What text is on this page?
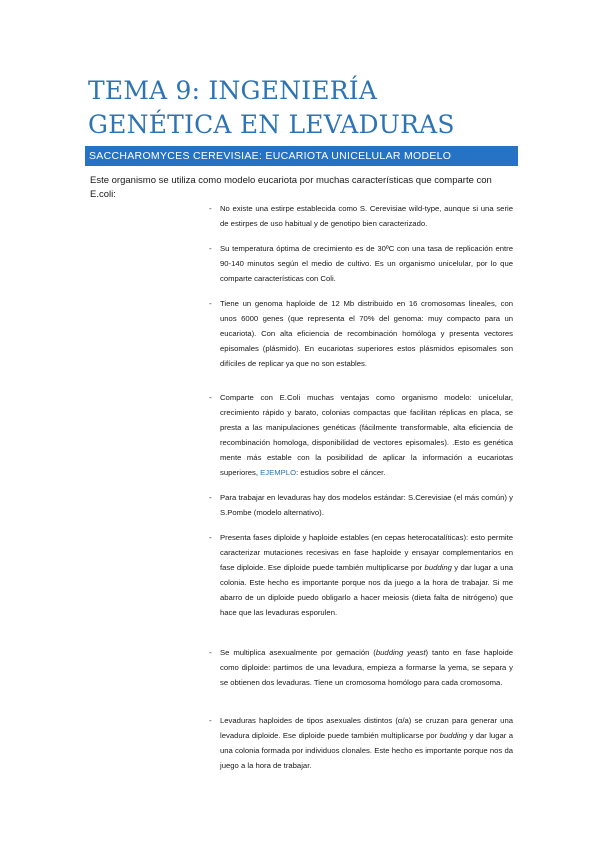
TEMA 9: INGENIERÍA GENÉTICA EN LEVADURAS
SACCHAROMYCES CEREVISIAE: EUCARIOTA UNICELULAR MODELO

Este organismo se utiliza como modelo eucariota por muchas características que comparte con E.coli:

- No existe una estirpe establecida como S. Cerevisiae wild-type, aunque si una serie de estirpes de uso habitual y de genotipo bien caracterizado.

- Su temperatura óptima de crecimiento es de 30ºC con una tasa de replicación entre 90-140 minutos según el medio de cultivo. Es un organismo unicelular, por lo que comparte características con Coli.

- Tiene un genoma haploide de 12 Mb distribuido en 16 cromosomas lineales, con unos 6000 genes (que representa el 70% del genoma: muy compacto para un eucariota). Con alta eficiencia de recombinación homóloga y presenta vectores episomales (plásmido). En eucariotas superiores estos plásmidos episomales son difíciles de replicar ya que no son estables.

- Comparte con E.Coli muchas ventajas como organismo modelo: unicelular, crecimiento rápido y barato, colonias compactas que facilitan réplicas en placa, se presta a las manipulaciones genéticas (fácilmente transformable, alta eficiencia de recombinación homologa, disponibilidad de vectores episomales). .Esto es genética mente más estable con la posibilidad de aplicar la información a eucariotas superiores, EJEMPLO: estudios sobre el cáncer.

- Para trabajar en levaduras hay dos modelos estándar: S.Cerevisiae (el más común) y S.Pombe (modelo alternativo).

- Presenta fases diploide y haploide estables (en cepas heterocatalíticas): esto permite caracterizar mutaciones recesivas en fase haploide y ensayar complementarios en fase diploide. Ese diploide puede también multiplicarse por budding y dar lugar a una colonia. Este hecho es importante porque nos da juego a la hora de trabajar. Si me abarro de un diploide puedo obligarlo a hacer meiosis (dieta falta de nitrógeno) que hace que las levaduras esporulen.

- Se multiplica asexualmente por gemación (budding yeast) tanto en fase haploide como diploide: partimos de una levadura, empieza a formarse la yema, se separa y se obtienen dos levaduras. Tiene un cromosoma homólogo para cada cromosoma.

- Levaduras haploides de tipos asexuales distintos (α/a) se cruzan para generar una levadura diploide. Ese diploide puede también multiplicarse por budding y dar lugar a una colonia formada por individuos clonales. Este hecho es importante porque nos da juego a la hora de trabajar.
